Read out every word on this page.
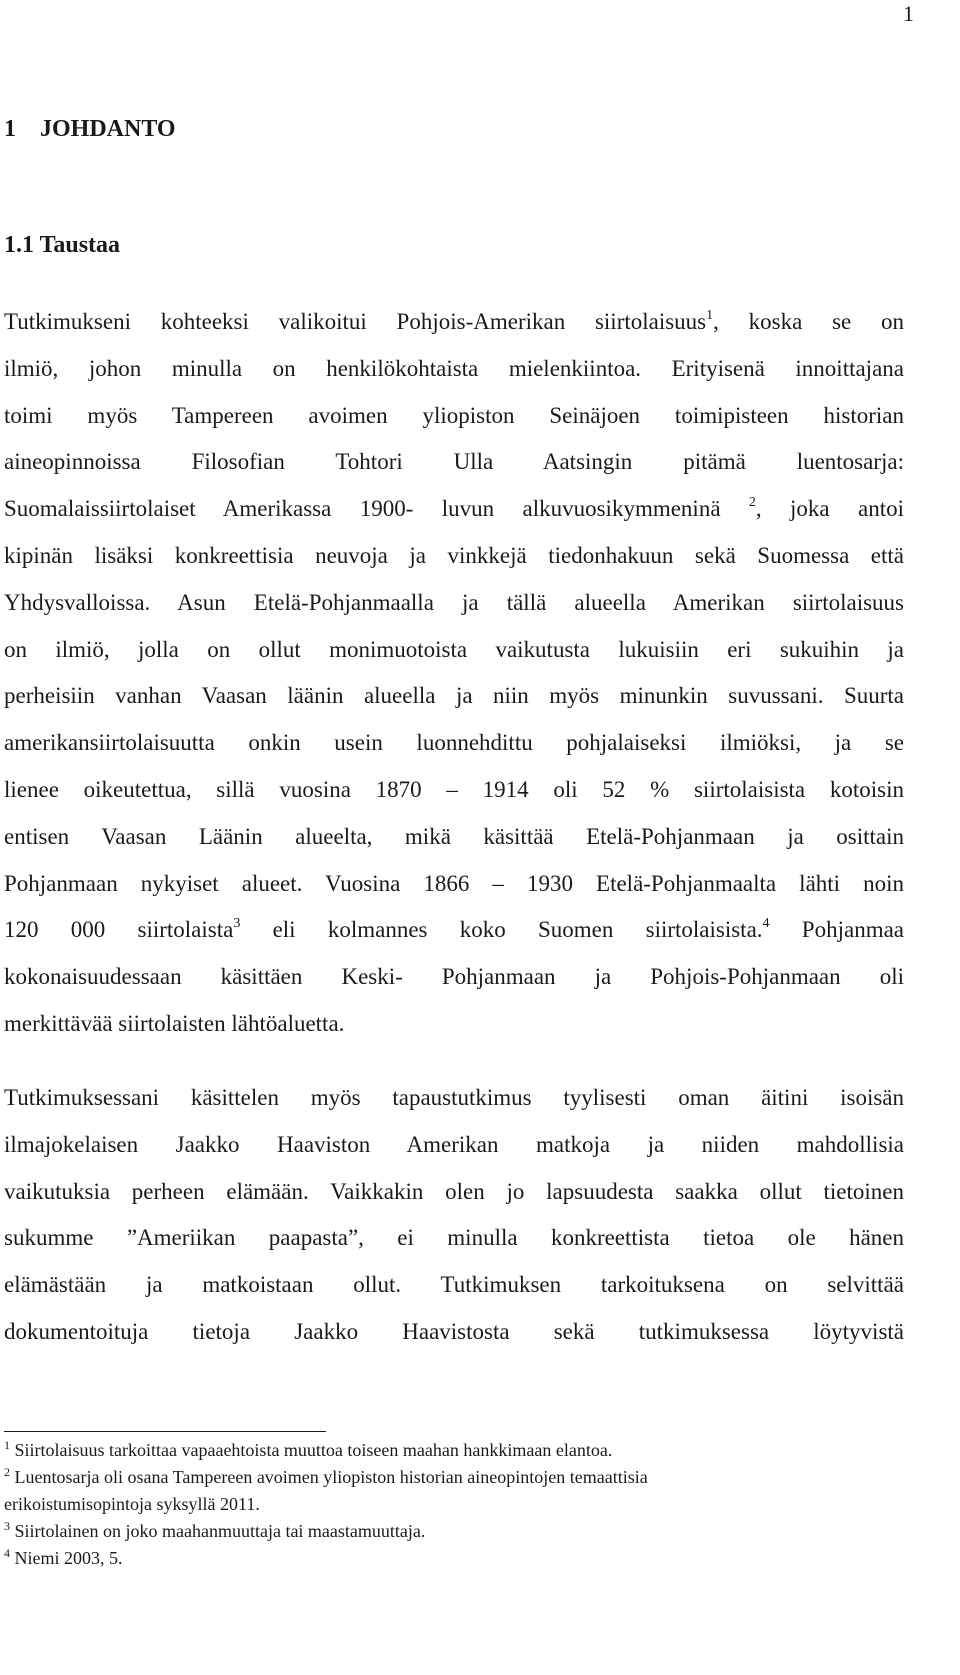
1
1 JOHDANTO
1.1 Taustaa
Tutkimukseni kohteeksi valikoitui Pohjois-Amerikan siirtolaisuus$^1$, koska se on
ilmiö, johon minulla on henkilökohtaista mielenkiintoa. Erityisenä innoittajana
toimi myös Tampereen avoimen yliopiston Seinäjoen toimipisteen historian
aineopinnoissa Filosofian Tohtori Ulla Aatsingin pitämä luentosarja:
Suomalaissiirtolaiset Amerikassa 1900- luvun alkuvuosikymmeninä $^2$, joka antoi
kipinän lisäksi konkreettisia neuvoja ja vinkkejä tiedonhakuun sekä Suomessa että
Yhdysvalloissa. Asun Etelä-Pohjanmaalla ja tällä alueella Amerikan siirtolaisuus
on ilmiö, jolla on ollut monimuotoista vaikutusta lukuisiin eri sukuihin ja
perheisiin vanhan Vaasan läänin alueella ja niin myös minunkin suvussani. Suurta
amerikansiirtolaisuutta onkin usein luonnehdittu pohjalaiseksi ilmiöksi, ja se
lienee oikeutettua, sillä vuosina 1870 – 1914 oli 52 % siirtolaisista kotoisin
entisen Vaasan Läänin alueelta, mikä käsittää Etelä-Pohjanmaan ja osittain
Pohjanmaan nykyiset alueet. Vuosina 1866 – 1930 Etelä-Pohjanmaalta lähti noin
120 000 siirtolaista$^3$ eli kolmannes koko Suomen siirtolaisista.$^4$ Pohjanmaa
kokonaisuudessaan käsittäen Keski- Pohjanmaan ja Pohjois-Pohjanmaan oli
merkittävää siirtolaisten lähtöaluetta.
Tutkimuksessani käsittelen myös tapaustutkimus tyylisesti oman äitini isoisän
ilmajokelaisen Jaakko Haaviston Amerikan matkoja ja niiden mahdollisia
vaikutuksia perheen elämään. Vaikkakin olen jo lapsuudesta saakka ollut tietoinen
sukumme ”Ameriikan paapasta”, ei minulla konkreettista tietoa ole hänen
elämästään ja matkoistaan ollut. Tutkimuksen tarkoituksena on selvittää
dokumentoituja tietoja Jaakko Haavistosta sekä tutkimuksessa löytyvistä
$^1$ Siirtolaisuus tarkoittaa vapaaehtoista muuttoa toiseen maahan hankkimaan elantoa.
$^2$ Luentosarja oli osana Tampereen avoimen yliopiston historian aineopintojen temaattisia
erikoistumisopintoja syksyllä 2011.
$^3$ Siirtolainen on joko maahanmuuttaja tai maastamuuttaja.
$^4$ Niemi 2003, 5.
